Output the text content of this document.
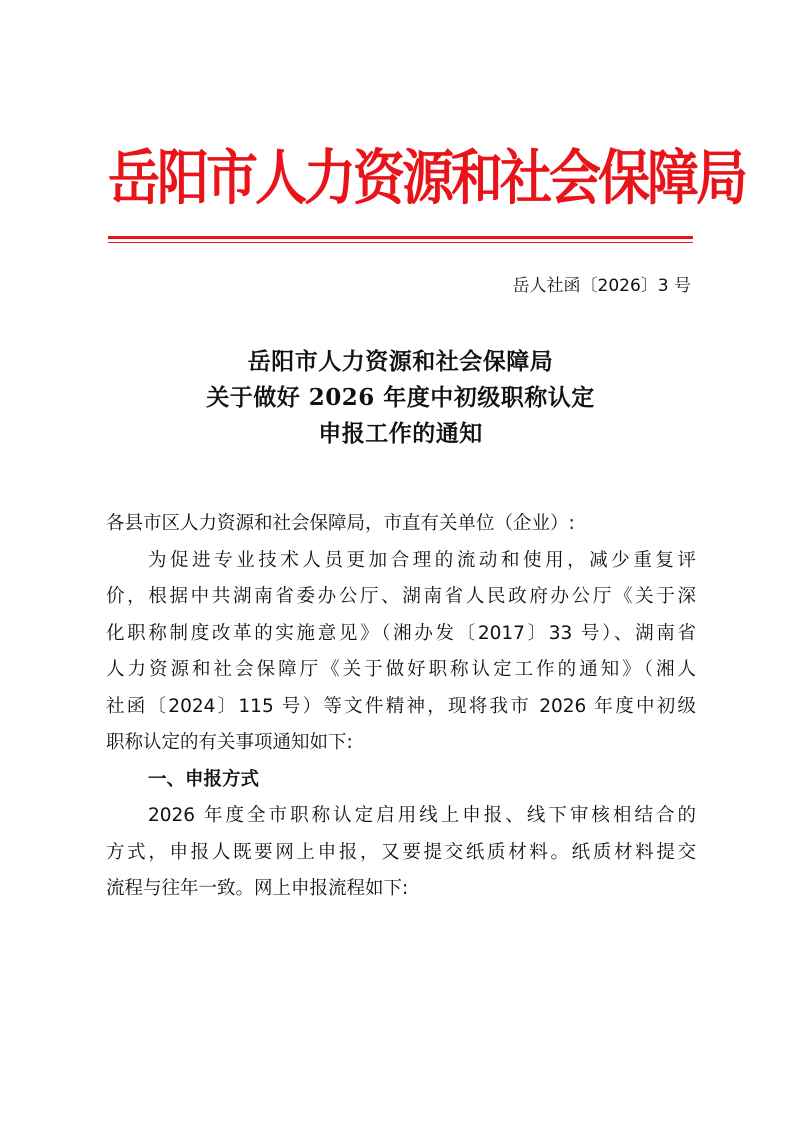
岳阳市人力资源和社会保障局
岳人社函〔2026〕3 号
岳阳市人力资源和社会保障局
关于做好 2026 年度中初级职称认定
申报工作的通知
各县市区人力资源和社会保障局，市直有关单位（企业）:
为促进专业技术人员更加合理的流动和使用，减少重复评
价，根据中共湖南省委办公厅、湖南省人民政府办公厅《关于深
化职称制度改革的实施意见》（湘办发〔2017〕33 号）、湖南省
人力资源和社会保障厅《关于做好职称认定工作的通知》（湘人
社函〔2024〕115 号）等文件精神，现将我市 2026 年度中初级
职称认定的有关事项通知如下:
一、申报方式
2026 年度全市职称认定启用线上申报、线下审核相结合的
方式，申报人既要网上申报，又要提交纸质材料。纸质材料提交
流程与往年一致。网上申报流程如下:
